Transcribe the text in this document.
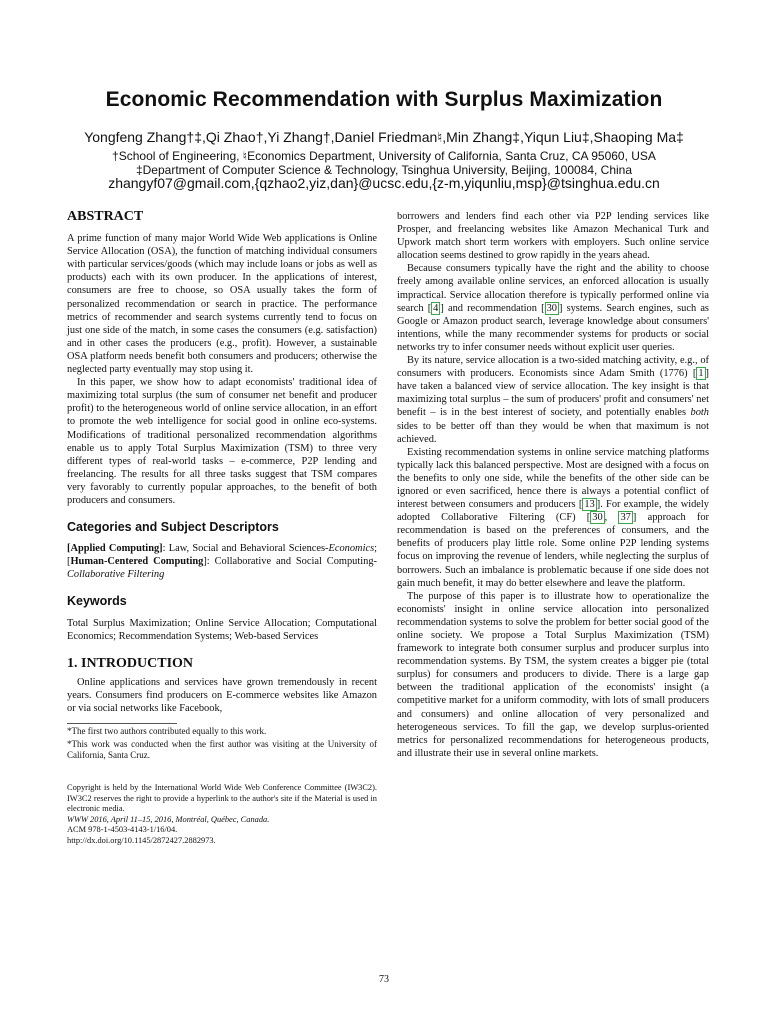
Economic Recommendation with Surplus Maximization
Yongfeng Zhang†‡,Qi Zhao†,Yi Zhang†,Daniel Friedman♮,Min Zhang‡,Yiqun Liu‡,Shaoping Ma‡
†School of Engineering, ♮Economics Department, University of California, Santa Cruz, CA 95060, USA
‡Department of Computer Science & Technology, Tsinghua University, Beijing, 100084, China
zhangyf07@gmail.com,{qzhao2,yiz,dan}@ucsc.edu,{z-m,yiqunliu,msp}@tsinghua.edu.cn
ABSTRACT

A prime function of many major World Wide Web applications is Online Service Allocation (OSA), the function of matching individual consumers with particular services/goods (which may include loans or jobs as well as products) each with its own producer. In the applications of interest, consumers are free to choose, so OSA usually takes the form of personalized recommendation or search in practice. The performance metrics of recommender and search systems currently tend to focus on just one side of the match, in some cases the consumers (e.g. satisfaction) and in other cases the producers (e.g., profit). However, a sustainable OSA platform needs benefit both consumers and producers; otherwise the neglected party eventually may stop using it.

In this paper, we show how to adapt economists' traditional idea of maximizing total surplus (the sum of consumer net benefit and producer profit) to the heterogeneous world of online service allocation, in an effort to promote the web intelligence for social good in online eco-systems. Modifications of traditional personalized recommendation algorithms enable us to apply Total Surplus Maximization (TSM) to three very different types of real-world tasks – e-commerce, P2P lending and freelancing. The results for all three tasks suggest that TSM compares very favorably to currently popular approaches, to the benefit of both producers and consumers.

Categories and Subject Descriptors

[Applied Computing]: Law, Social and Behavioral Sciences-Economics; [Human-Centered Computing]: Collaborative and Social Computing-Collaborative Filtering

Keywords

Total Surplus Maximization; Online Service Allocation; Computational Economics; Recommendation Systems; Web-based Services

1. INTRODUCTION

Online applications and services have grown tremendously in recent years. Consumers find producers on E-commerce websites like Amazon or via social networks like Facebook,

*The first two authors contributed equally to this work.
*This work was conducted when the first author was visiting at the University of California, Santa Cruz.
Copyright is held by the International World Wide Web Conference Committee (IW3C2). IW3C2 reserves the right to provide a hyperlink to the author's site if the Material is used in electronic media.
WWW 2016, April 11–15, 2016, Montréal, Québec, Canada.
ACM 978-1-4503-4143-1/16/04.
http://dx.doi.org/10.1145/2872427.2882973.

borrowers and lenders find each other via P2P lending services like Prosper, and freelancing websites like Amazon Mechanical Turk and Upwork match short term workers with employers. Such online service allocation seems destined to grow rapidly in the years ahead.

Because consumers typically have the right and the ability to choose freely among available online services, an enforced allocation is usually impractical. Service allocation therefore is typically performed online via search [ 4 ] and recommendation [ 30 ] systems. Search engines, such as Google or Amazon product search, leverage knowledge about consumers' intentions, while the many recommender systems for products or social networks try to infer consumer needs without explicit user queries.

By its nature, service allocation is a two-sided matching activity, e.g., of consumers with producers. Economists since Adam Smith (1776) [ 1 ] have taken a balanced view of service allocation. The key insight is that maximizing total surplus – the sum of producers' profit and consumers' net benefit – is in the best interest of society, and potentially enables both sides to be better off than they would be when that maximum is not achieved.

Existing recommendation systems in online service matching platforms typically lack this balanced perspective. Most are designed with a focus on the benefits to only one side, while the benefits of the other side can be ignored or even sacrificed, hence there is always a potential conflict of interest between consumers and producers [ 13 ]. For example, the widely adopted Collaborative Filtering (CF) [ 30 , 37 ] approach for recommendation is based on the preferences of consumers, and the benefits of producers play little role. Some online P2P lending systems focus on improving the revenue of lenders, while neglecting the surplus of borrowers. Such an imbalance is problematic because if one side does not gain much benefit, it may do better elsewhere and leave the platform.

The purpose of this paper is to illustrate how to operationalize the economists' insight in online service allocation into personalized recommendation systems to solve the problem for better social good of the online society. We propose a Total Surplus Maximization (TSM) framework to integrate both consumer surplus and producer surplus into recommendation systems. By TSM, the system creates a bigger pie (total surplus) for consumers and producers to divide. There is a large gap between the traditional application of the economists' insight (a competitive market for a uniform commodity, with lots of small producers and consumers) and online allocation of very personalized and heterogeneous services. To fill the gap, we develop surplus-oriented metrics for personalized recommendations for heterogeneous products, and illustrate their use in several online markets.

73
